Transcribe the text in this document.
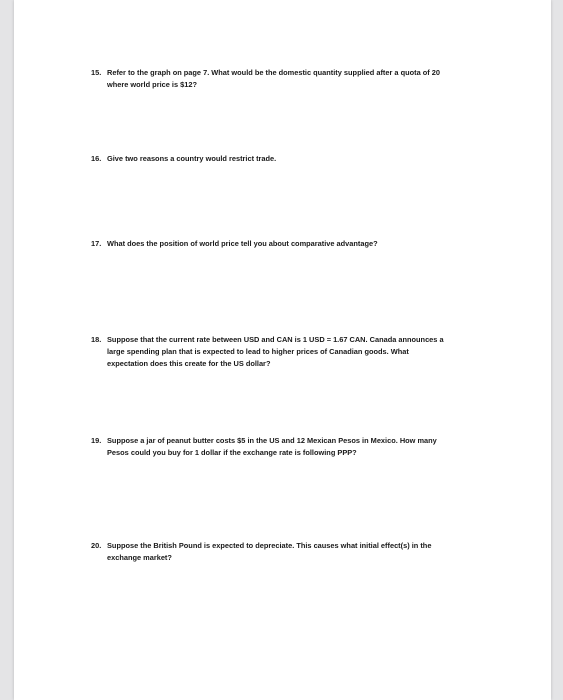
15. Refer to the graph on page 7. What would be the domestic quantity supplied after a quota of 20
where world price is $12?
16. Give two reasons a country would restrict trade.
17. What does the position of world price tell you about comparative advantage?
18. Suppose that the current rate between USD and CAN is 1 USD = 1.67 CAN. Canada announces a
large spending plan that is expected to lead to higher prices of Canadian goods. What
expectation does this create for the US dollar?
19. Suppose a jar of peanut butter costs $5 in the US and 12 Mexican Pesos in Mexico. How many
Pesos could you buy for 1 dollar if the exchange rate is following PPP?
20. Suppose the British Pound is expected to depreciate. This causes what initial effect(s) in the
exchange market?
